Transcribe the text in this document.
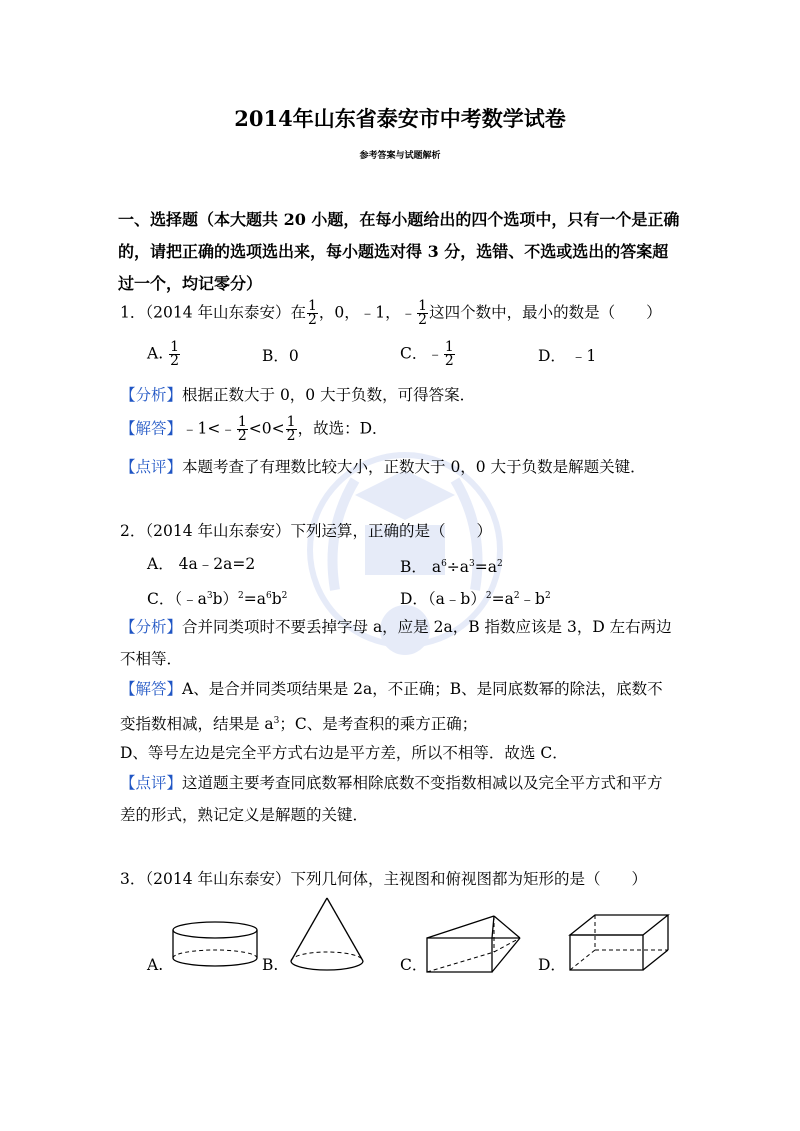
2014年山东省泰安市中考数学试卷
参考答案与试题解析
一、选择题（本大题共 20 小题，在每小题给出的四个选项中，只有一个是正确
的，请把正确的选项选出来，每小题选对得 3 分，选错、不选或选出的答案超
过一个，均记零分）
1．（2014 年山东泰安）在 $\frac{1}{2}$ ，0，﹣1，﹣ $\frac{1}{2}$ 这四个数中，最小的数是（　　）
A. $\frac{1}{2}$	B．0	C．﹣ $\frac{1}{2}$	D． ﹣1
【分析】根据正数大于 0，0 大于负数，可得答案．
【解答】﹣1<﹣ $\frac{1}{2} <0< \frac{1}{2}$ ，故选：D．
【点评】本题考查了有理数比较大小，正数大于 0，0 大于负数是解题关键．
2．（2014 年山东泰安）下列运算，正确的是（　　）
A． 4a﹣2a=2	B． $a^6\div a^3=a^2$
C．$(﹣a^3b)^2=a^6b^2$	D．$(a﹣b)^2=a^2﹣b^2$
【分析】合并同类项时不要丢掉字母 a，应是 2a，B 指数应该是 3，D 左右两边
不相等．
【解答】A、是合并同类项结果是 2a，不正确；B、是同底数幂的除法，底数不
变指数相减，结果是 $a^3$；C、是考查积的乘方正确；
D、等号左边是完全平方式右边是平方差，所以不相等．故选 C．
【点评】这道题主要考查同底数幂相除底数不变指数相减以及完全平方式和平方
差的形式，熟记定义是解题的关键．
3．（2014 年山东泰安）下列几何体，主视图和俯视图都为矩形的是（　　）
A.	B.	C．	D．
